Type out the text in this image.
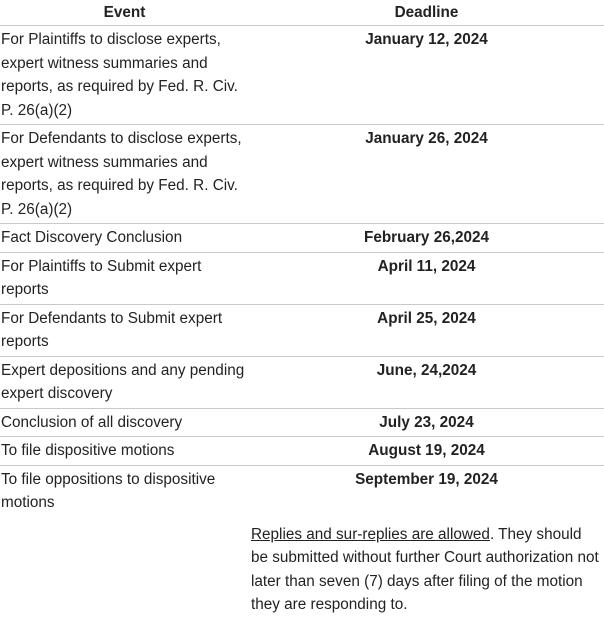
Event	Deadline
For Plaintiffs to disclose experts, expert witness summaries and reports, as required by Fed. R. Civ. P. 26(a)(2)	January 12, 2024
For Defendants to disclose experts, expert witness summaries and reports, as required by Fed. R. Civ. P. 26(a)(2)	January 26, 2024
Fact Discovery Conclusion	February 26,2024
For Plaintiffs to Submit expert reports	April 11, 2024
For Defendants to Submit expert reports	April 25, 2024
Expert depositions and any pending expert discovery	June, 24,2024
Conclusion of all discovery	July 23, 2024
To file dispositive motions	August 19, 2024
To file oppositions to dispositive motions	September 19, 2024
Replies and sur-replies are allowed. They should be submitted without further Court authorization not later than seven (7) days after filing of the motion they are responding to.
